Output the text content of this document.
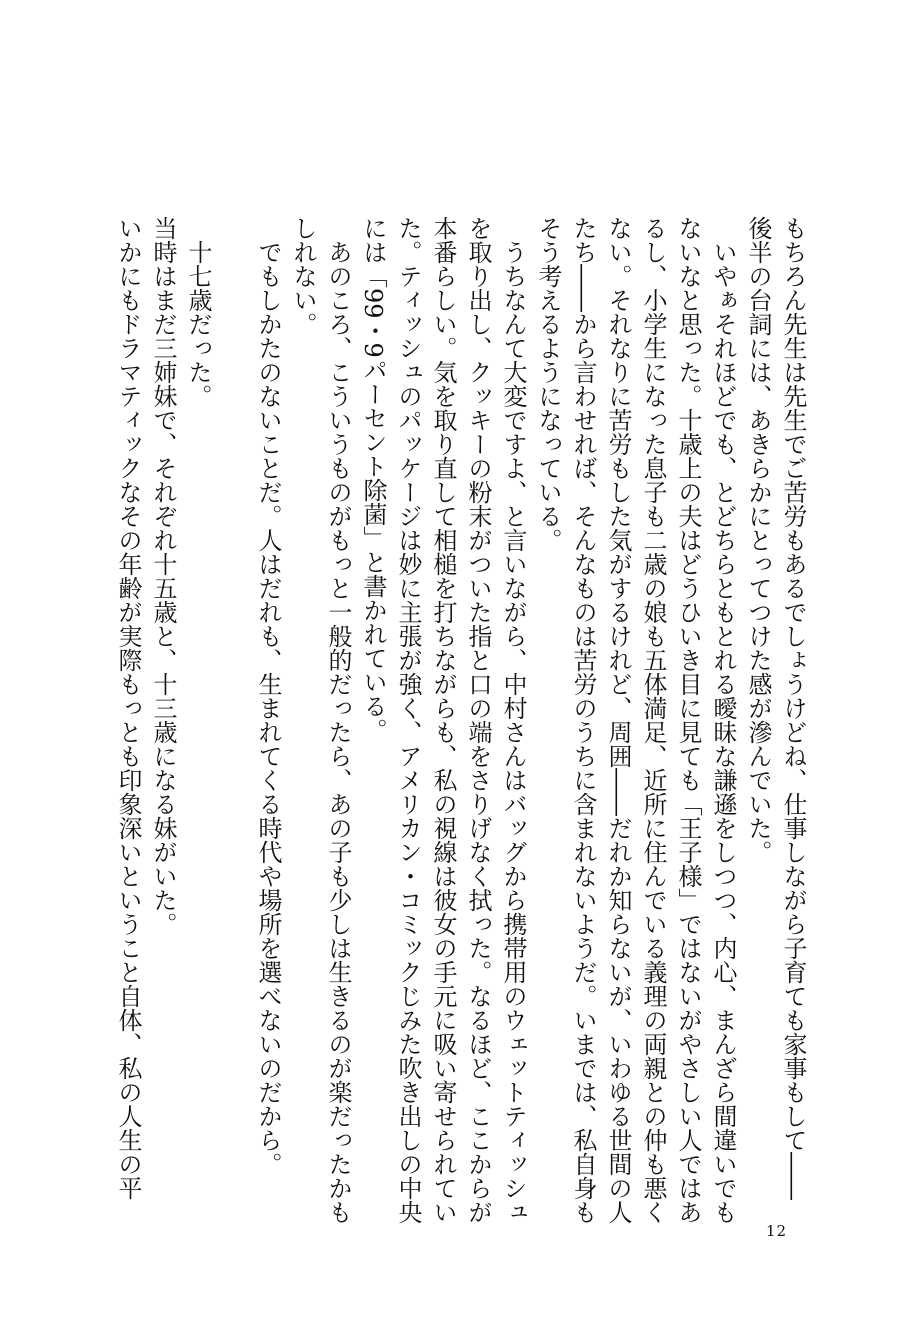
もちろん先生は先生でご苦労もあるでしょうけどね、仕事しながら子育ても家事もして――
後半の台詞には、あきらかにとってつけた感が滲んでいた。
いやぁそれほどでも、とどちらともとれる曖昧な謙遜をしつつ、内心、まんざら間違いでも
ないなと思った。十歳上の夫はどうひいき目に見ても「王子様」ではないがやさしい人ではあ
るし、小学生になった息子も二歳の娘も五体満足、近所に住んでいる義理の両親との仲も悪く
ない。それなりに苦労もした気がするけれど、周囲――だれか知らないが、いわゆる世間の人
たち――から言わせれば、そんなものは苦労のうちに含まれないようだ。いまでは、私自身も
そう考えるようになっている。
うちなんて大変ですよ、と言いながら、中村さんはバッグから携帯用のウェットティッシュ
を取り出し、クッキーの粉末がついた指と口の端をさりげなく拭った。なるほど、ここからが
本番らしい。気を取り直して相槌を打ちながらも、私の視線は彼女の手元に吸い寄せられてい
た。ティッシュのパッケージは妙に主張が強く、アメリカン・コミックじみた吹き出しの中央
には「99・9パーセント除菌」と書かれている。
あのころ、こういうものがもっと一般的だったら、あの子も少しは生きるのが楽だったかも
しれない。
でもしかたのないことだ。人はだれも、生まれてくる時代や場所を選べないのだから。
十七歳だった。
当時はまだ三姉妹で、それぞれ十五歳と、十三歳になる妹がいた。
いかにもドラマティックなその年齢が実際もっとも印象深いということ自体、私の人生の平
12
